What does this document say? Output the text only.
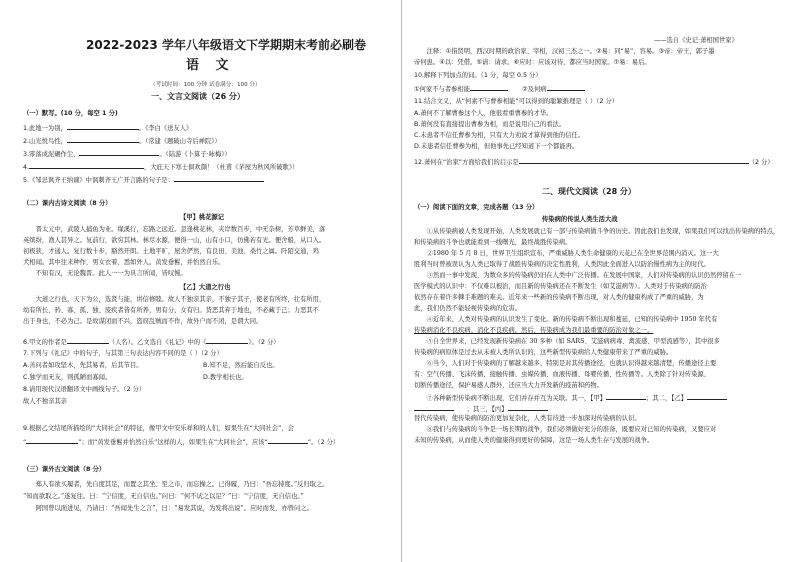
2022-2023 学年八年级语文下学期期末考前必刷卷
语 文
（考试时间：100 分钟 试卷满分：100 分）
一、文言文阅读（26 分）
（一）默写。(10 分，每空 1 分)
1.此地一为别，	。《李白《送友人》
2.山光悦鸟性，	。（常建《题破山寺后禅院》）
3.零落成泥碾作尘，	。（陆游《卜算子·咏梅》）
4.	，大庇天下寒士俱欢颜！（杜甫《茅屋为秋风所破歌》）
5.《邹忌讽齐王纳谏》中讽刺齐王广开言路的句子是：
（二）课内古诗文阅读（8 分）
【甲】桃花源记
　　晋太元中，武陵人捕鱼为业。缘溪行，忘路之远近。忽逢桃花林，夹岸数百步，中无杂树，芳草鲜美，落
英缤纷，渔人甚异之。复前行，欲穷其林。林尽水源，便得一山，山有小口，仿佛若有光。便舍船，从口入。
初极狭，才通人。复行数十步，豁然开朗。土地平旷，屋舍俨然，有良田、美池、桑竹之属。阡陌交通，鸡
犬相闻。其中往来种作，男女衣着，悉如外人。黄发垂髫，并怡然自乐。
　　不知有汉，无论魏晋。此人一一为具言所闻，皆叹惋。
【乙】大道之行也
　　大道之行也，天下为公，选贤与能，讲信修睦。故人不独亲其亲，不独子其子，使老有所终，壮有所用，
幼有所长，矜、寡、孤、独、废疾者皆有所养，男有分，女有归。货恶其弃于地也，不必藏于己；力恶其不
出于身也，不必为己。是故谋闭而不兴，盗窃乱贼而不作，故外户而不闭，是谓大同。
6.甲文的作者是	（人名）。乙文选自《礼记》中的《	》。（2 分）
7.下列与《礼记》中的句子，与其第三句表达内容不同的是（ ）（2 分）
A.善问者如攻坚木，先其易者，后其节目。	B.知不足，然后能自反也。
C.独学而无友，则孤陋而寡闻。	D.教学相长也。
8.请用现代汉语翻译文中画线句子。（2 分）
故人不独亲其亲
9.根据乙文结尾所描绘的“大同社会”的特征，像甲文中安乐祥和的人们，如果生在“大同社会”，会
“	”；而“黄发垂髫并怡然自乐”这样的人，如果生在“大同社会”，应该“	”。（2 分）
（三）课外古文阅读（8 分）
　　郑人有欲买履者，先自度其足，而置之其坐。至之市，而忘操之。已得履，乃曰：“吾忘持度。”反归取之。
“知而欲取之。”遂复往。曰：“宁信度，无自信也。”问曰：“何不试之以足？”曰：“宁信度，无自信也。”
　　阿国曾以面进见，乃请曰：“吾闻先生之言”，曰：“易发其说，为发将出说”。应时而发，亦曾问之。
——选自《史记·萧相国世家》
　　注释：①指贤明，西汉时期的政治家、宰相，汉初三杰之一。②易：同“易”，容易。③帝：帝王，郭子墨
帝何患。④以：凭借。⑤请：请求。⑥应时：应该对待，都应当时国家。⑦易：易后。
10.解释下列加点的词。（1 分，每空 0.5 分）
①何家不与者参相能	②及何病
11.结合文义，从“何素不与曹参相能”可以得到的聪颖推理是（ ）（2 分）
A.萧何不了解曹参这个人，他很看重曹参的才华。
B.萧何没有直接提出曹参为相，而是说用自己的看法。
C.未患者不信任曹参为相，只有大力劝说才算得到他的信任。
D.未患者信任曹参为相，但他事先已经知道下一个都能再。
12.萧何在“治家”方面给我们的启示是	（2 分）
二、现代文阅读（28 分）
（一）阅读下面的文章，完成各题（13 分）
传染病的传说人类生活大战
　　①从传染病被人类发现开始，人类发展就已有一部与传染病做斗争的历史。因此我们也发现，如果我们可以找出传染病的特点，
和传染病的斗争也就能看到一线曙光，最终战胜传染病。
　　②1980 年 5 月 8 日，世界卫生组织宣布，严重威胁人类生命健康的天花已在全世界范围内消灭。这一大
胜利当时曾被误认为人类已取得了战胜传染病的决定性胜利，人类因此全面进入以防治慢性病为主的时代。
　　③然而一事中发现，为数众多的传染病仍旧在人类中广泛传播。在发展中国家，人们对传染病的认识仍然停留在一
医学模式的认识中：不仅难以根治，而且新的传染病还在不断发生（如艾滋病等）。人类对于传染病的防治
依然存在着许多棘手难题的难关。近年来一些新的传染病不断出现，对人类的健康构成了严重的威胁，为
此，我们仍然不能轻视传染病的危害。
　　④近年来，人类对传染病的认识发生了变化。新的传染病不断出现和蔓延，已知的传染病中 1950 年代有
传染病消化不良疾病、消化不良疾病。然后，传染病成为我们最重要的防治对象之一。
　　⑤自全世界来，已经发现新传染病在 30 多种（如 SARS、艾滋病病毒、禽流感、甲型流感等），其中很多
传染病的病原体是过去从未被人类所认识的，这些新型传染病给人类健康带来了严重的威胁。
　　⑥当今，人们对于传染病的了解越来越多，特别是对其传播途径，也就认识得越来越清楚，传播途径主要
有：空气传播、飞沫传播、接触传播、虫媒传播、血液传播、母婴传播、性传播等。人类除了针对传染源、
切断传播途径，保护易感人群外，还应当大力开发新的疫苗和药物。
　　⑦各种新型传染病不断出现，它们并存并互为关联。其一，【甲】	；其二，【乙】
　　；其三，【丙】
替代传染病，使传染病的防治更加复杂化，人类有待进一步加深对传染病的认识。
　　⑧我们与传染病的斗争是一场长期的战争，我们必须做好充分的准备，既要应对已知的传染病，又要应对
未知的传染病，从而使人类的健康得到更好的保障，这是一场人类生存与发展的战争。
